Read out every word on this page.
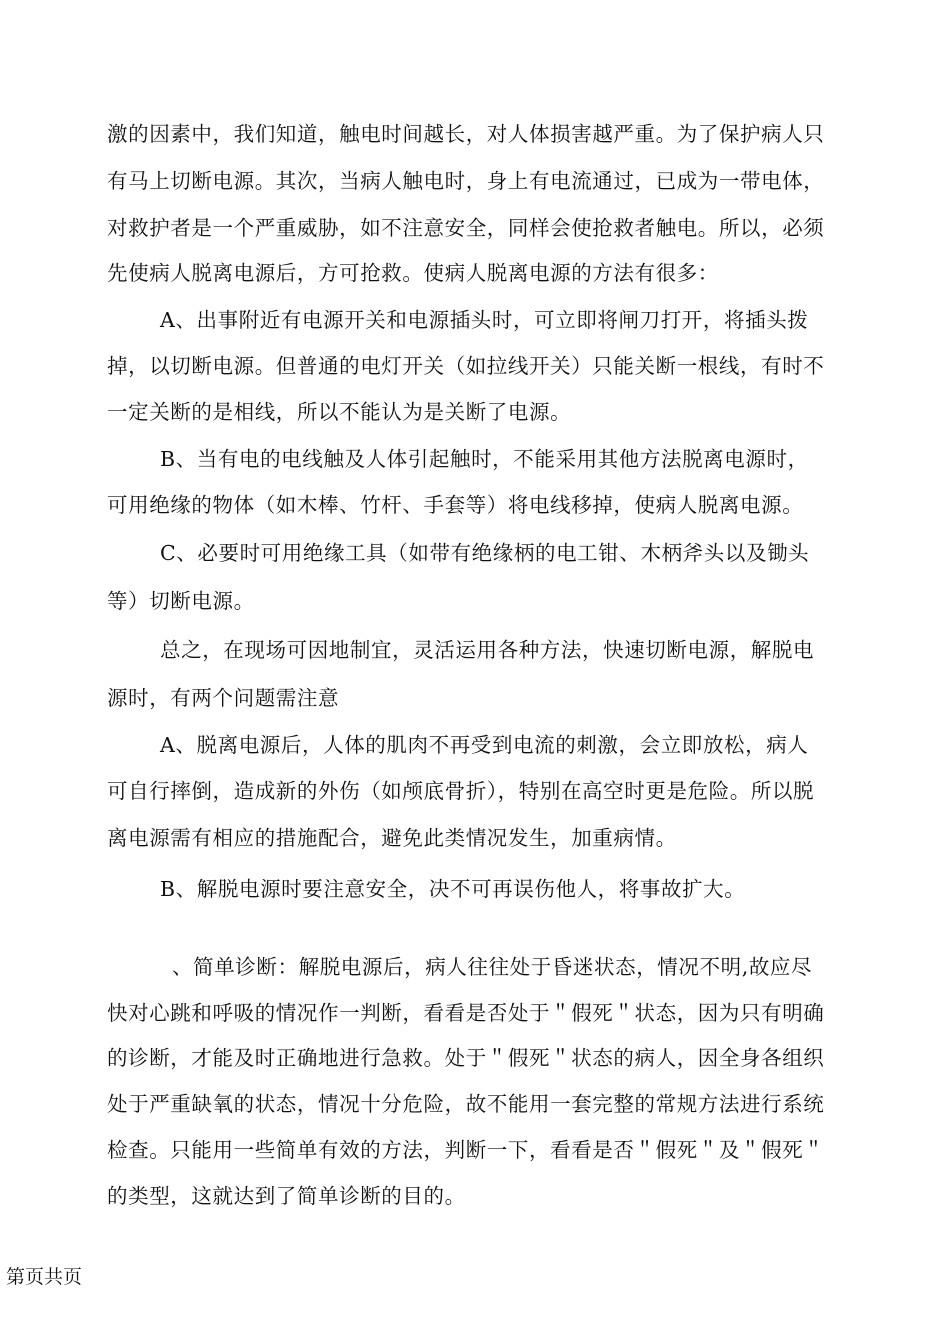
激的因素中，我们知道，触电时间越长，对人体损害越严重。为了保护病人只
有马上切断电源。其次，当病人触电时，身上有电流通过，已成为一带电体，
对救护者是一个严重威胁，如不注意安全，同样会使抢救者触电。所以，必须
先使病人脱离电源后，方可抢救。使病人脱离电源的方法有很多：
A、出事附近有电源开关和电源插头时，可立即将闸刀打开，将插头拨
掉，以切断电源。但普通的电灯开关（如拉线开关）只能关断一根线，有时不
一定关断的是相线，所以不能认为是关断了电源。
B、当有电的电线触及人体引起触时，不能采用其他方法脱离电源时，
可用绝缘的物体（如木棒、竹杆、手套等）将电线移掉，使病人脱离电源。
C、必要时可用绝缘工具（如带有绝缘柄的电工钳、木柄斧头以及锄头
等）切断电源。
总之，在现场可因地制宜，灵活运用各种方法，快速切断电源，解脱电
源时，有两个问题需注意
A、脱离电源后，人体的肌肉不再受到电流的刺激，会立即放松，病人
可自行摔倒，造成新的外伤（如颅底骨折），特别在高空时更是危险。所以脱
离电源需有相应的措施配合，避免此类情况发生，加重病情。
B、解脱电源时要注意安全，决不可再误伤他人，将事故扩大。
、简单诊断：解脱电源后，病人往往处于昏迷状态，情况不明,故应尽
快对心跳和呼吸的情况作一判断，看看是否处于＂假死＂状态，因为只有明确
的诊断，才能及时正确地进行急救。处于＂假死＂状态的病人，因全身各组织
处于严重缺氧的状态，情况十分危险，故不能用一套完整的常规方法进行系统
检查。只能用一些简单有效的方法，判断一下，看看是否＂假死＂及＂假死＂
的类型，这就达到了简单诊断的目的。
第页共页
